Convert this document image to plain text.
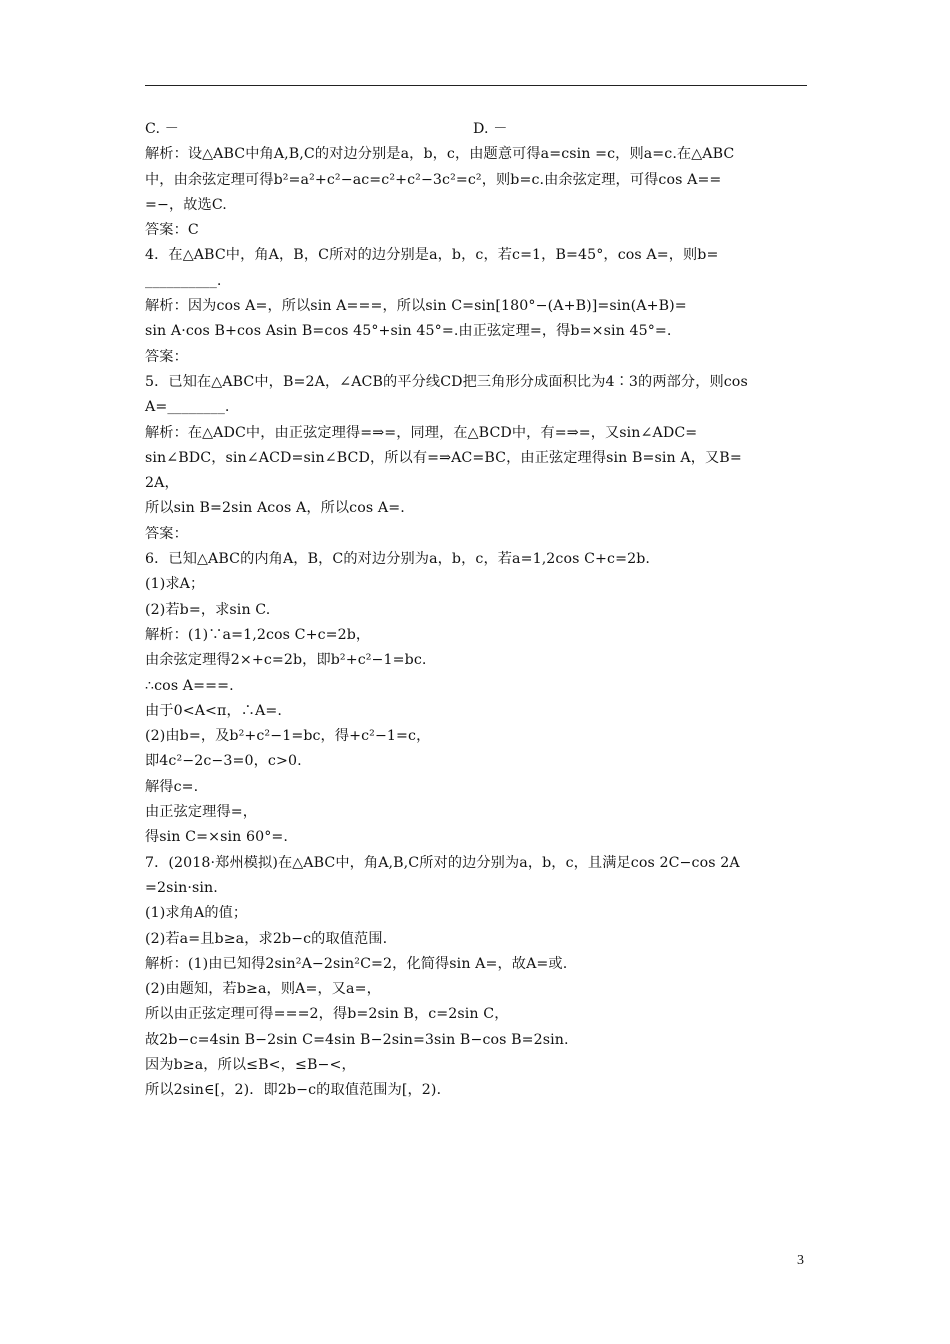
C. －	D. －
解析：设△ABC中角A,B,C的对边分别是a，b，c，由题意可得a=csin =c，则a=c.在△ABC
中，由余弦定理可得b²=a²+c²−ac=c²+c²−3c²=c²，则b=c.由余弦定理，可得cos A==
=−，故选C.
答案：C
4．在△ABC中，角A，B，C所对的边分别是a，b，c，若c=1，B=45°，cos A=，则b=
__________.
解析：因为cos A=，所以sin A===，所以sin C=sin[180°−(A+B)]=sin(A+B)=
sin A·cos B+cos Asin B=cos 45°+sin 45°=.由正弦定理=，得b=×sin 45°=.
答案：
5．已知在△ABC中，B=2A，∠ACB的平分线CD把三角形分成面积比为4∶3的两部分，则cos
A=________.
解析：在△ADC中，由正弦定理得=⇒=，同理，在△BCD中，有=⇒=，又sin∠ADC=
sin∠BDC，sin∠ACD=sin∠BCD，所以有=⇒AC=BC，由正弦定理得sin B=sin A，又B=
2A，
所以sin B=2sin Acos A，所以cos A=.
答案：
6．已知△ABC的内角A，B，C的对边分别为a，b，c，若a=1,2cos C+c=2b.
(1)求A；
(2)若b=，求sin C.
解析：(1)∵a=1,2cos C+c=2b，
由余弦定理得2×+c=2b，即b²+c²−1=bc.
∴cos A===.
由于0<A<π，∴A=.
(2)由b=，及b²+c²−1=bc，得+c²−1=c，
即4c²−2c−3=0，c>0.
解得c=.
由正弦定理得=，
得sin C=×sin 60°=.
7．(2018·郑州模拟)在△ABC中，角A,B,C所对的边分别为a，b，c，且满足cos 2C−cos 2A
=2sin·sin.
(1)求角A的值；
(2)若a=且b≥a，求2b−c的取值范围.
解析：(1)由已知得2sin²A−2sin²C=2，化简得sin A=，故A=或.
(2)由题知，若b≥a，则A=，又a=，
所以由正弦定理可得===2，得b=2sin B，c=2sin C，
故2b−c=4sin B−2sin C=4sin B−2sin=3sin B−cos B=2sin.
因为b≥a，所以≤B<，≤B−<，
所以2sin∈[，2)．即2b−c的取值范围为[，2)．
3
